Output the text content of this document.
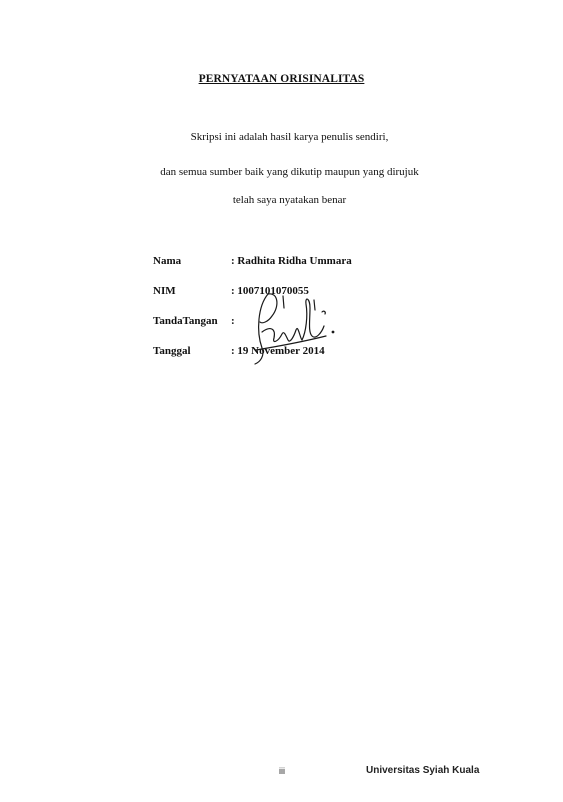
PERNYATAAN ORISINALITAS
Skripsi ini adalah hasil karya penulis sendiri,
dan semua sumber baik yang dikutip maupun yang dirujuk
telah saya nyatakan benar
Nama	: Radhita Ridha Ummara
NIM	: 1007101070055
TandaTangan :
Tanggal	: 19 November 2014
iii	Universitas Syiah Kuala
